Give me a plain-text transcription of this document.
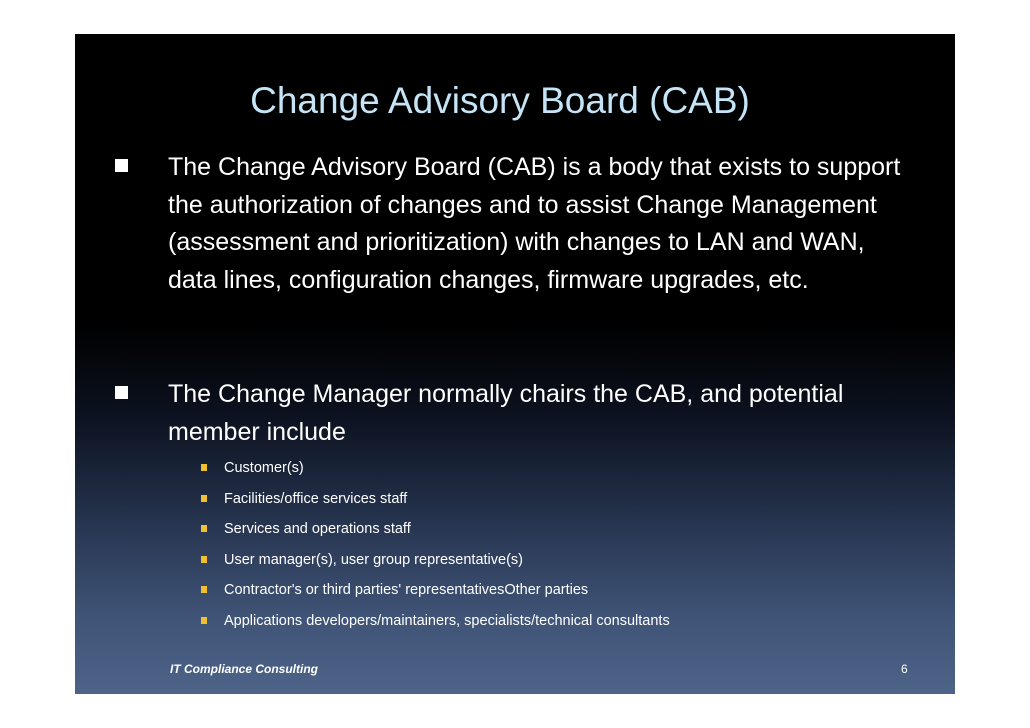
Change Advisory Board (CAB)

The Change Advisory Board (CAB) is a body that exists to support the authorization of changes and to assist Change Management (assessment and prioritization) with changes to LAN and WAN, data lines, configuration changes, firmware upgrades, etc.

The Change Manager normally chairs the CAB, and potential member include

Customer(s)
Facilities/office services staff
Services and operations staff
User manager(s), user group representative(s)
Contractor's or third parties' representativesOther parties
Applications developers/maintainers, specialists/technical consultants
IT Compliance Consulting	6
